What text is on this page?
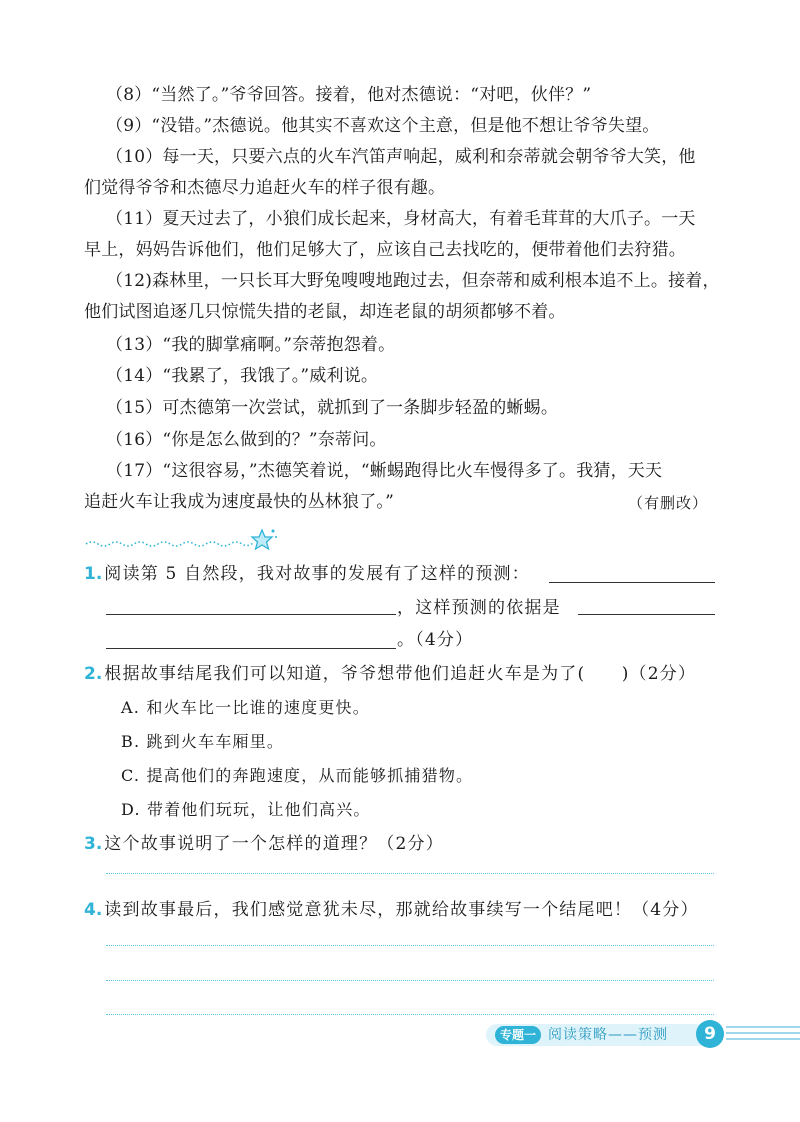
（8）“当然了。”爷爷回答。接着，他对杰德说：“对吧，伙伴？”
（9）“没错。”杰德说。他其实不喜欢这个主意，但是他不想让爷爷失望。
（10）每一天，只要六点的火车汽笛声响起，威利和奈蒂就会朝爷爷大笑，他
们觉得爷爷和杰德尽力追赶火车的样子很有趣。
（11）夏天过去了，小狼们成长起来，身材高大，有着毛茸茸的大爪子。一天
早上，妈妈告诉他们，他们足够大了，应该自己去找吃的，便带着他们去狩猎。
（12)森林里，一只长耳大野兔嗖嗖地跑过去，但奈蒂和威利根本追不上。接着，
他们试图追逐几只惊慌失措的老鼠，却连老鼠的胡须都够不着。
（13）“我的脚掌痛啊。”奈蒂抱怨着。
（14）“我累了，我饿了。”威利说。
（15）可杰德第一次尝试，就抓到了一条脚步轻盈的蜥蜴。
（16）“你是怎么做到的？”奈蒂问。
（17）“这很容易，”杰德笑着说，“蜥蜴跑得比火车慢得多了。我猜，天天
追赶火车让我成为速度最快的丛林狼了。”	（有删改）
1. 阅读第 5 自然段，我对故事的发展有了这样的预测：
，这样预测的依据是
。（4分）
2. 根据故事结尾我们可以知道，爷爷想带他们追赶火车是为了(　　)（2分）
A. 和火车比一比谁的速度更快。
B. 跳到火车车厢里。
C. 提高他们的奔跑速度，从而能够抓捕猎物。
D. 带着他们玩玩，让他们高兴。
3. 这个故事说明了一个怎样的道理？（2分）
4. 读到故事最后，我们感觉意犹未尽，那就给故事续写一个结尾吧！（4分）
专题一 阅读策略——预测	9
